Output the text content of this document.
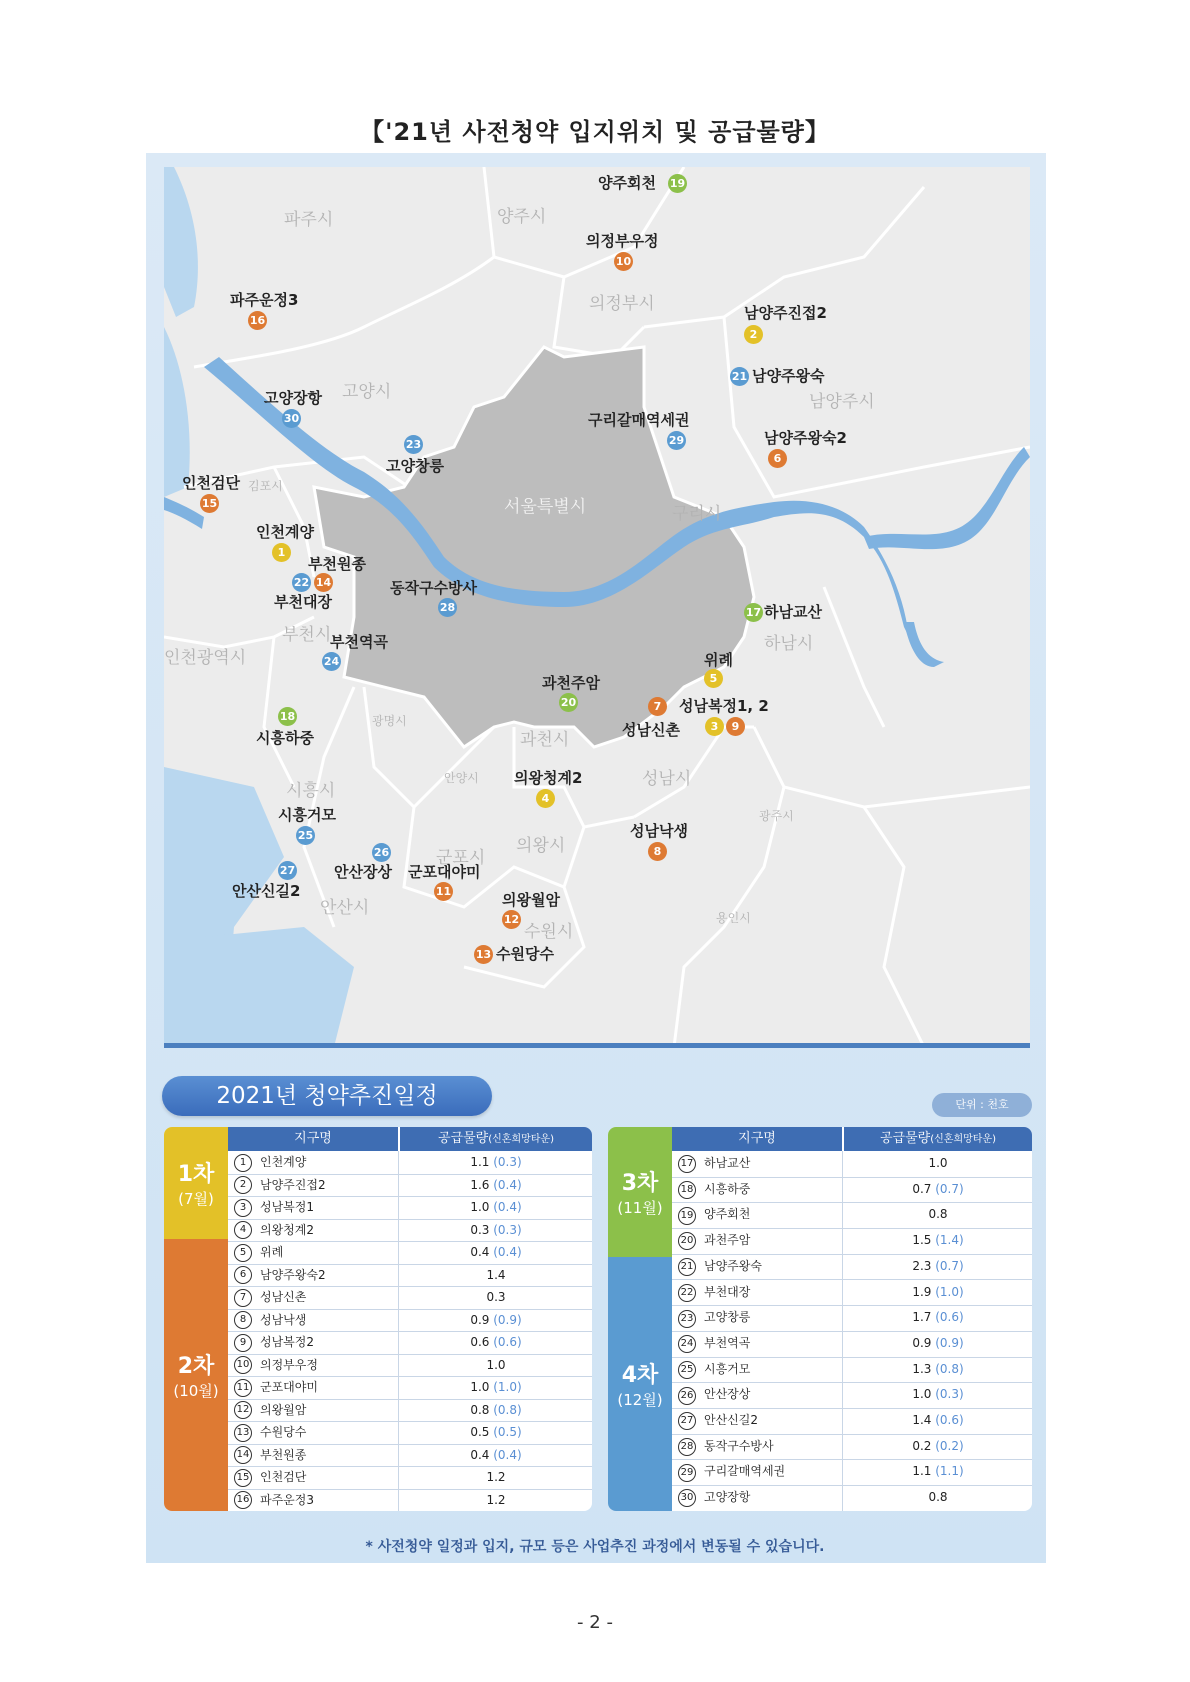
【'21년 사전청약 입지위치 및 공급물량】
파주시	양주시
의정부시
고양시	남양주시
김포시
서울특별시	구리시
부천시
인천광역시
하남시
광명시
과천시
시흥시
안양시	성남시
광주시
의왕시
군포시
안산시
수원시
용인시
양주회천 19
의정부우정
10
파주운정3
16	남양주진접2
2
21 남양주왕숙
고양장항
30	구리갈매역세권
29	남양주왕숙2
6
23
고양창릉
인천검단
15
인천계양
1
부천원종
22 14
부천대장
동작구수방사
28	17 하남교산
부천역곡
24	위례
5
과천주암
20	7	성남복정1, 2
성남신촌	3	9
18
시흥하중
의왕청계2
4
시흥거모
25	성남낙생
8
26
안산장상 군포대야미
11
27
안산신길2	의왕월암
12
13 수원당수
2021년 청약추진일정	단위 : 천호
1차
(7월)
2차
(10월)
지구명	공급물량(신혼희망타운)
1	인천계양	1.1 (0.3)
2	남양주진접2	1.6 (0.4)
3	성남복정1	1.0 (0.4)
4	의왕청계2	0.3 (0.3)
5	위례	0.4 (0.4)
6	남양주왕숙2	1.4
7	성남신촌	0.3
8	성남낙생	0.9 (0.9)
9	성남복정2	0.6 (0.6)
10 의정부우정	1.0
11 군포대야미	1.0 (1.0)
12 의왕월암	0.8 (0.8)
13 수원당수	0.5 (0.5)
14 부천원종	0.4 (0.4)
15 인천검단	1.2
16 파주운정3	1.2
3차
(11월)
4차
(12월)
지구명	공급물량(신혼희망타운)
17 하남교산	1.0
18 시흥하중	0.7 (0.7)
19 양주회천	0.8
20 과천주암	1.5 (1.4)
21 남양주왕숙	2.3 (0.7)
22 부천대장	1.9 (1.0)
23 고양창릉	1.7 (0.6)
24 부천역곡	0.9 (0.9)
25 시흥거모	1.3 (0.8)
26 안산장상	1.0 (0.3)
27 안산신길2	1.4 (0.6)
28 동작구수방사	0.2 (0.2)
29 구리갈매역세권	1.1 (1.1)
30 고양장항	0.8
* 사전청약 일정과 입지, 규모 등은 사업추진 과정에서 변동될 수 있습니다.
- 2 -
